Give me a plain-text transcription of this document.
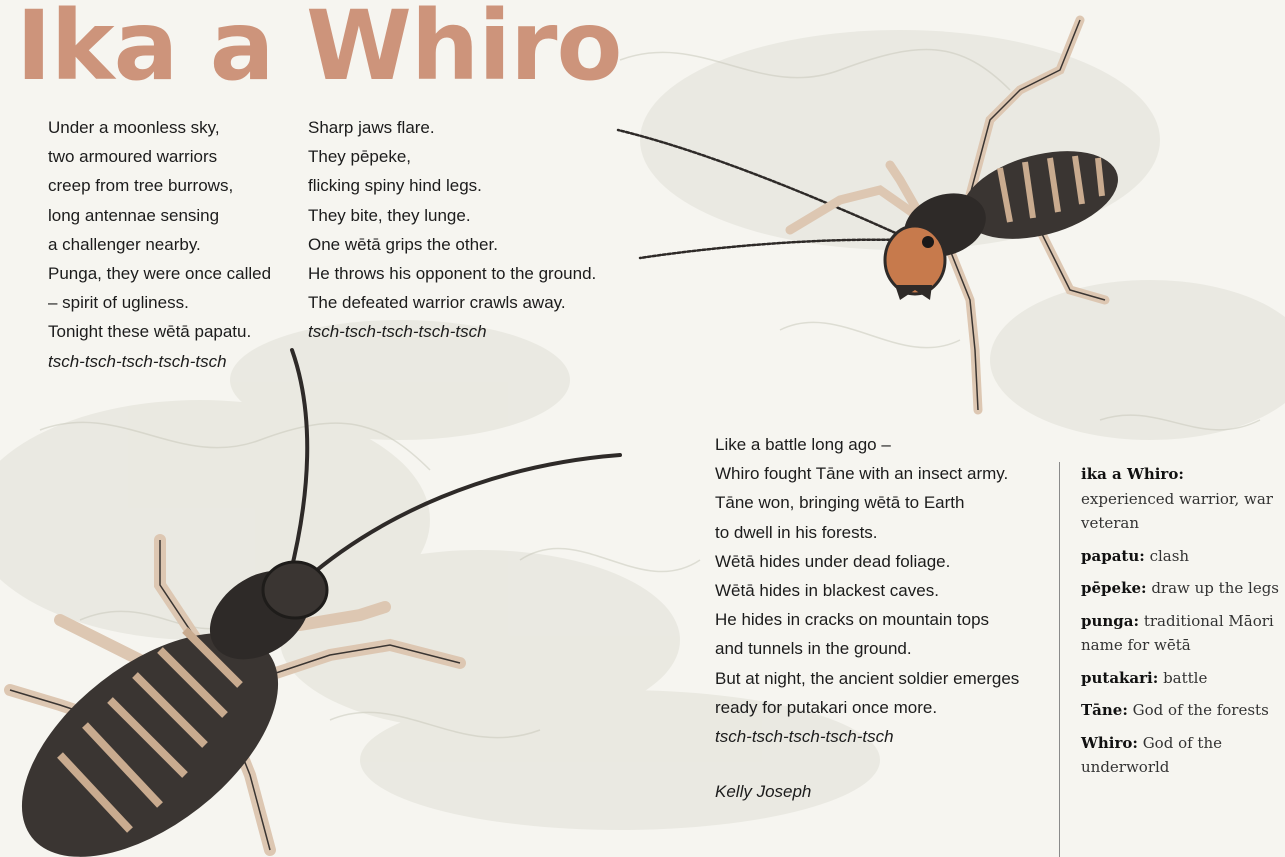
Ika a Whiro
Under a moonless sky,
two armoured warriors
creep from tree burrows,
long antennae sensing
a challenger nearby.
Punga, they were once called
– spirit of ugliness.
Tonight these wētā papatu.
tsch-tsch-tsch-tsch-tsch
Sharp jaws flare.
They pēpeke,
flicking spiny hind legs.
They bite, they lunge.
One wētā grips the other.
He throws his opponent to the ground.
The defeated warrior crawls away.
tsch-tsch-tsch-tsch-tsch
Like a battle long ago –
Whiro fought Tāne with an insect army.
Tāne won, bringing wētā to Earth
to dwell in his forests.
Wētā hides under dead foliage.
Wētā hides in blackest caves.
He hides in cracks on mountain tops
and tunnels in the ground.
But at night, the ancient soldier emerges
ready for putakari once more.
tsch-tsch-tsch-tsch-tsch
Kelly Joseph
ika a Whiro: experienced warrior, war veteran
papatu: clash
pēpeke: draw up the legs
punga: traditional Māori name for wētā
putakari: battle
Tāne: God of the forests
Whiro: God of the underworld
